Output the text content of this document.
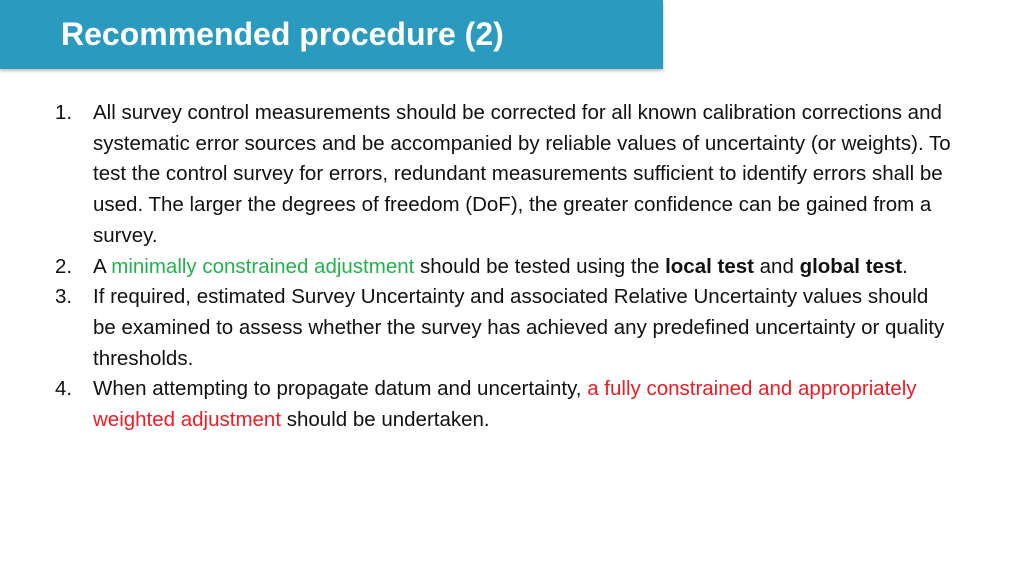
Recommended procedure (2)
1. All survey control measurements should be corrected for all known calibration corrections and systematic error sources and be accompanied by reliable values of uncertainty (or weights). To test the control survey for errors, redundant measurements sufficient to identify errors shall be used. The larger the degrees of freedom (DoF), the greater confidence can be gained from a survey.
2. A minimally constrained adjustment should be tested using the local test and global test.
3. If required, estimated Survey Uncertainty and associated Relative Uncertainty values should be examined to assess whether the survey has achieved any predefined uncertainty or quality thresholds.
4. When attempting to propagate datum and uncertainty, a fully constrained and appropriately weighted adjustment should be undertaken.
